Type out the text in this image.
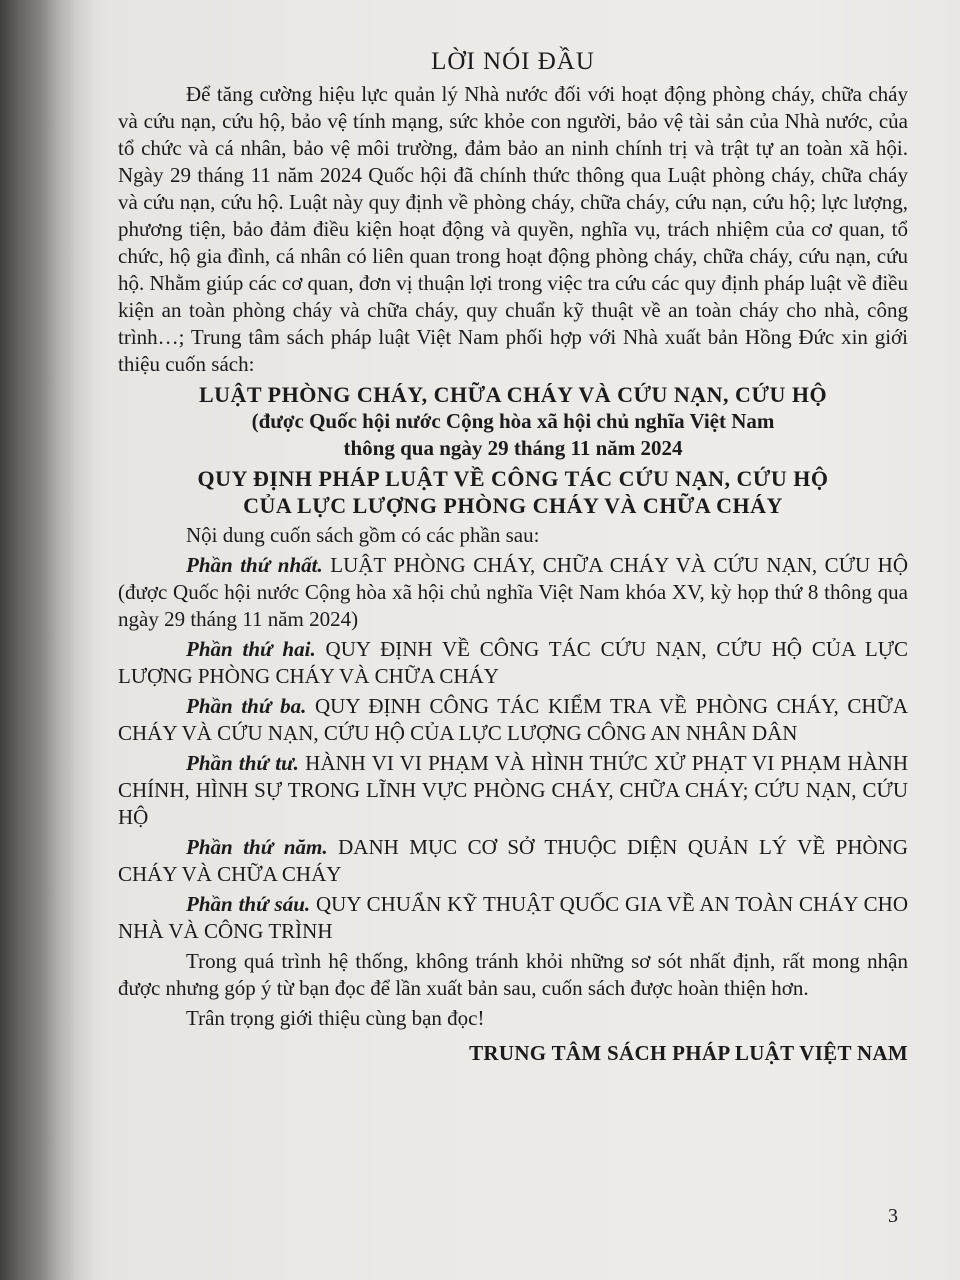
LỜI NÓI ĐẦU

Để tăng cường hiệu lực quản lý Nhà nước đối với hoạt động phòng cháy, chữa cháy và cứu nạn, cứu hộ, bảo vệ tính mạng, sức khỏe con người, bảo vệ tài sản của Nhà nước, của tổ chức và cá nhân, bảo vệ môi trường, đảm bảo an ninh chính trị và trật tự an toàn xã hội. Ngày 29 tháng 11 năm 2024 Quốc hội đã chính thức thông qua Luật phòng cháy, chữa cháy và cứu nạn, cứu hộ. Luật này quy định về phòng cháy, chữa cháy, cứu nạn, cứu hộ; lực lượng, phương tiện, bảo đảm điều kiện hoạt động và quyền, nghĩa vụ, trách nhiệm của cơ quan, tổ chức, hộ gia đình, cá nhân có liên quan trong hoạt động phòng cháy, chữa cháy, cứu nạn, cứu hộ. Nhằm giúp các cơ quan, đơn vị thuận lợi trong việc tra cứu các quy định pháp luật về điều kiện an toàn phòng cháy và chữa cháy, quy chuẩn kỹ thuật về an toàn cháy cho nhà, công trình…; Trung tâm sách pháp luật Việt Nam phối hợp với Nhà xuất bản Hồng Đức xin giới thiệu cuốn sách:

LUẬT PHÒNG CHÁY, CHỮA CHÁY VÀ CỨU NẠN, CỨU HỘ

(được Quốc hội nước Cộng hòa xã hội chủ nghĩa Việt Nam

thông qua ngày 29 tháng 11 năm 2024

QUY ĐỊNH PHÁP LUẬT VỀ CÔNG TÁC CỨU NẠN, CỨU HỘ

CỦA LỰC LƯỢNG PHÒNG CHÁY VÀ CHỮA CHÁY

Nội dung cuốn sách gồm có các phần sau:

Phần thứ nhất. LUẬT PHÒNG CHÁY, CHỮA CHÁY VÀ CỨU NẠN, CỨU HỘ (được Quốc hội nước Cộng hòa xã hội chủ nghĩa Việt Nam khóa XV, kỳ họp thứ 8 thông qua ngày 29 tháng 11 năm 2024)

Phần thứ hai. QUY ĐỊNH VỀ CÔNG TÁC CỨU NẠN, CỨU HỘ CỦA LỰC LƯỢNG PHÒNG CHÁY VÀ CHỮA CHÁY

Phần thứ ba. QUY ĐỊNH CÔNG TÁC KIỂM TRA VỀ PHÒNG CHÁY, CHỮA CHÁY VÀ CỨU NẠN, CỨU HỘ CỦA LỰC LƯỢNG CÔNG AN NHÂN DÂN

Phần thứ tư. HÀNH VI VI PHẠM VÀ HÌNH THỨC XỬ PHẠT VI PHẠM HÀNH CHÍNH, HÌNH SỰ TRONG LĨNH VỰC PHÒNG CHÁY, CHỮA CHÁY; CỨU NẠN, CỨU HỘ

Phần thứ năm. DANH MỤC CƠ SỞ THUỘC DIỆN QUẢN LÝ VỀ PHÒNG CHÁY VÀ CHỮA CHÁY

Phần thứ sáu. QUY CHUẨN KỸ THUẬT QUỐC GIA VỀ AN TOÀN CHÁY CHO NHÀ VÀ CÔNG TRÌNH

Trong quá trình hệ thống, không tránh khỏi những sơ sót nhất định, rất mong nhận được nhưng góp ý từ bạn đọc để lần xuất bản sau, cuốn sách được hoàn thiện hơn.

Trân trọng giới thiệu cùng bạn đọc!

TRUNG TÂM SÁCH PHÁP LUẬT VIỆT NAM

3
